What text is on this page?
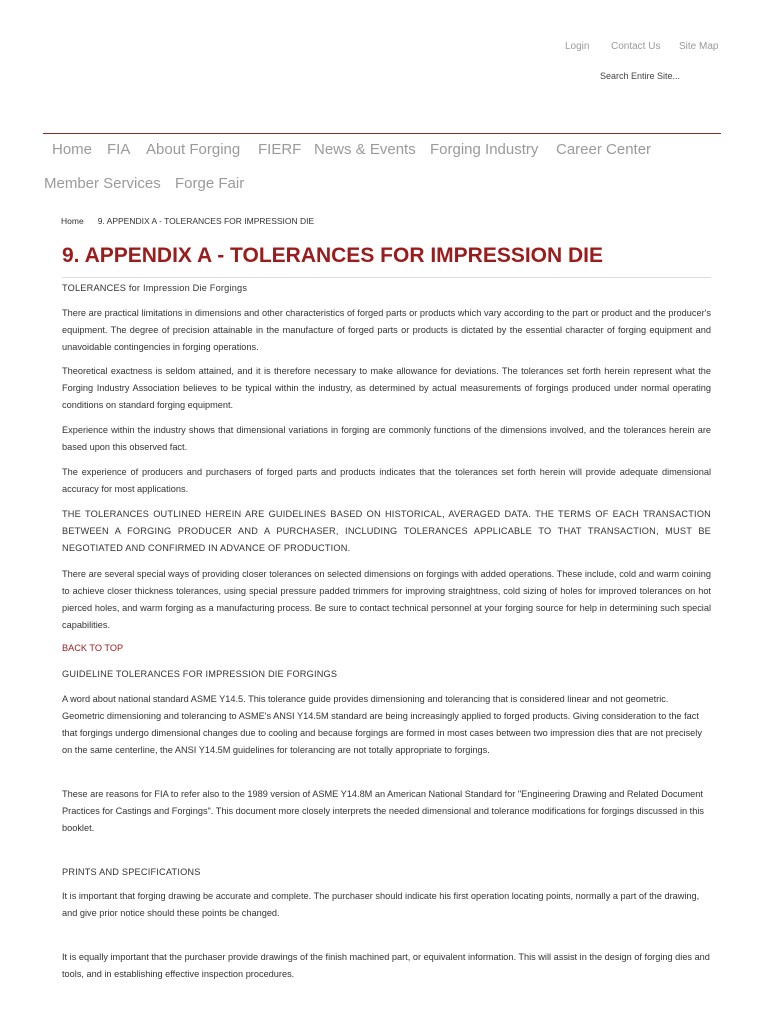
Login Contact Us Site Map
Search Entire Site...
Home FIA About Forging FIERF News & Events Forging Industry Career Center
Member Services Forge Fair
Home 9. APPENDIX A - TOLERANCES FOR IMPRESSION DIE
9. APPENDIX A - TOLERANCES FOR IMPRESSION DIE

TOLERANCES for Impression Die Forgings

There are practical limitations in dimensions and other characteristics of forged parts or products which vary according to the part or product and the producer's equipment. The degree of precision attainable in the manufacture of forged parts or products is dictated by the essential character of forging equipment and unavoidable contingencies in forging operations.

Theoretical exactness is seldom attained, and it is therefore necessary to make allowance for deviations. The tolerances set forth herein represent what the Forging Industry Association believes to be typical within the industry, as determined by actual measurements of forgings produced under normal operating conditions on standard forging equipment.

Experience within the industry shows that dimensional variations in forging are commonly functions of the dimensions involved, and the tolerances herein are based upon this observed fact.

The experience of producers and purchasers of forged parts and products indicates that the tolerances set forth herein will provide adequate dimensional accuracy for most applications.

THE TOLERANCES OUTLINED HEREIN ARE GUIDELINES BASED ON HISTORICAL, AVERAGED DATA. THE TERMS OF EACH TRANSACTION BETWEEN A FORGING PRODUCER AND A PURCHASER, INCLUDING TOLERANCES APPLICABLE TO THAT TRANSACTION, MUST BE NEGOTIATED AND CONFIRMED IN ADVANCE OF PRODUCTION.

There are several special ways of providing closer tolerances on selected dimensions on forgings with added operations. These include, cold and warm coining to achieve closer thickness tolerances, using special pressure padded trimmers for improving straightness, cold sizing of holes for improved tolerances on hot pierced holes, and warm forging as a manufacturing process. Be sure to contact technical personnel at your forging source for help in determining such special capabilities.

BACK TO TOP

GUIDELINE TOLERANCES FOR IMPRESSION DIE FORGINGS

A word about national standard ASME Y14.5. This tolerance guide provides dimensioning and tolerancing that is considered linear and not geometric. Geometric dimensioning and tolerancing to ASME's ANSI Y14.5M standard are being increasingly applied to forged products. Giving consideration to the fact that forgings undergo dimensional changes due to cooling and because forgings are formed in most cases between two impression dies that are not precisely on the same centerline, the ANSI Y14.5M guidelines for tolerancing are not totally appropriate to forgings.

These are reasons for FIA to refer also to the 1989 version of ASME Y14.8M an American National Standard for "Engineering Drawing and Related Document Practices for Castings and Forgings". This document more closely interprets the needed dimensional and tolerance modifications for forgings discussed in this booklet.

PRINTS AND SPECIFICATIONS

It is important that forging drawing be accurate and complete. The purchaser should indicate his first operation locating points, normally a part of the drawing, and give prior notice should these points be changed.

It is equally important that the purchaser provide drawings of the finish machined part, or equivalent information. This will assist in the design of forging dies and tools, and in establishing effective inspection procedures.
